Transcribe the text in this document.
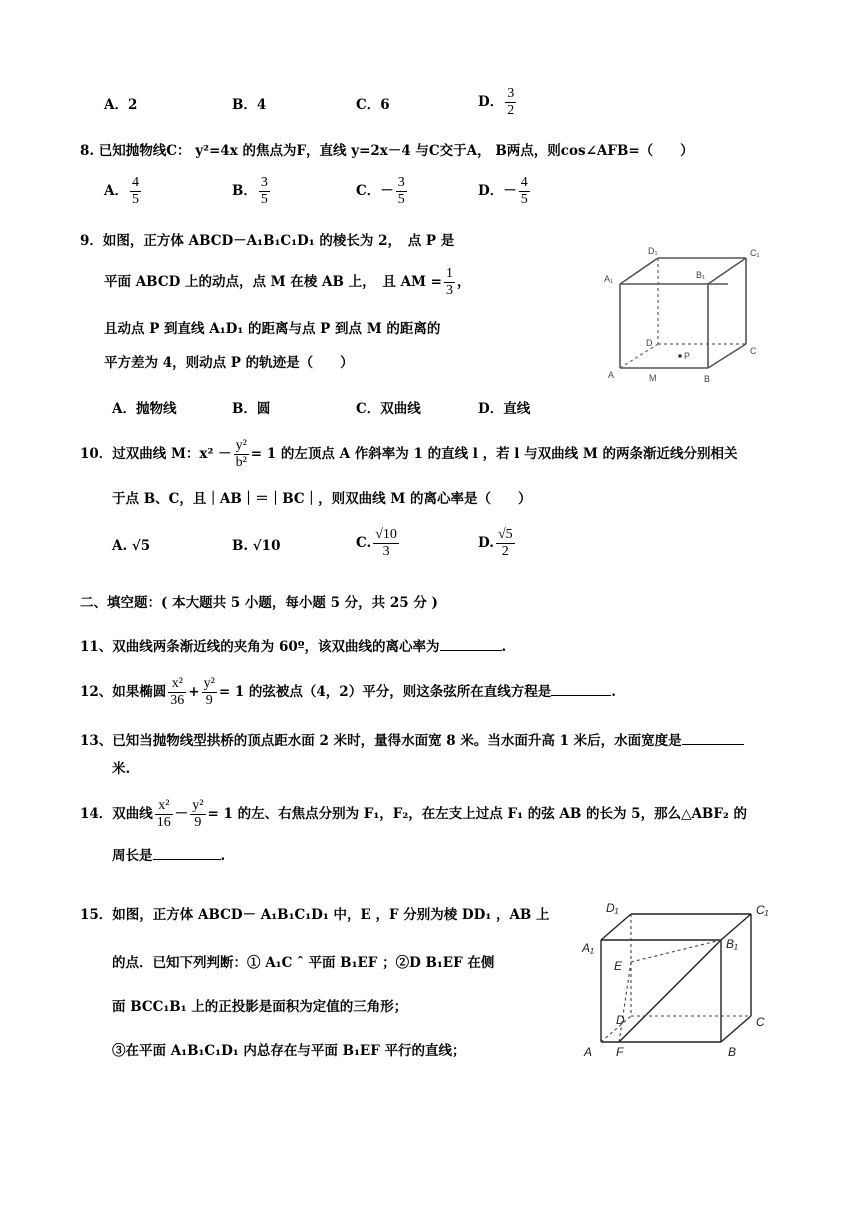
A．2	B．4	C．6	D． $\frac{3}{2}$
8. 已知抛物线C： y²=4x 的焦点为F，直线 y=2x－4 与C交于A， B两点，则cos∠AFB=（　　）
A． $\frac{4}{5}$	B． $\frac{3}{5}$	C．－ $\frac{3}{5}$	D．－ $\frac{4}{5}$
9．如图，正方体 ABCD－A₁B₁C₁D₁ 的棱长为 2，　点 P 是
平面 ABCD 上的动点，点 M 在棱 AB 上，　且 AM = $\frac{1}{3}$ ，
且动点 P 到直线 A₁D₁ 的距离与点 P 到点 M 的距离的
平方差为 4，则动点 P 的轨迹是（　　）
A．抛物线	B．圆	C．双曲线	D．直线
D₁	C₁
A₁	B₁
D
C
A	M	B
P
10．过双曲线 M：$x^2 - \frac{\text{y²}}{\text{b²}} = 1$ 的左顶点 A 作斜率为 1 的直线 l ，若 l 与双曲线 M 的两条渐近线分别相关
于点 B、C，且｜AB｜＝｜BC｜，则双曲线 M 的离心率是（　　）
A. √5	B. √10	C. $\frac{√10}{3}$	D. $\frac{√5}{2}$
二、填空题：( 本大题共 5 小题，每小题 5 分，共 25 分 )
11、双曲线两条渐近线的夹角为 60º，该双曲线的离心率为	.
12、如果椭圆 $\frac{\text{x²}}{36} + \frac{\text{y²}}{9} = 1$ 的弦被点（4，2）平分，则这条弦所在直线方程是	.
13、已知当抛物线型拱桥的顶点距水面 2 米时，量得水面宽 8 米。当水面升高 1 米后，水面宽度是
米.
14．双曲线 $\frac{\text{x²}}{16} - \frac{\text{y²}}{9} = 1$ 的左、右焦点分别为 F₁，F₂，在左支上过点 F₁ 的弦 AB 的长为 5，那么△ABF₂ 的
周长是	.
15．如图，正方体 ABCD－ A₁B₁C₁D₁ 中，E ，F 分别为棱 DD₁ ，AB 上
的点．已知下列判断：① A₁C ˆ 平面 B₁EF ；②D B₁EF 在侧
面 BCC₁B₁ 上的正投影是面积为定值的三角形；
③在平面 A₁B₁C₁D₁ 内总存在与平面 B₁EF 平行的直线；
D₁	C₁
A₁	B₁
E
D	C
A F	B
